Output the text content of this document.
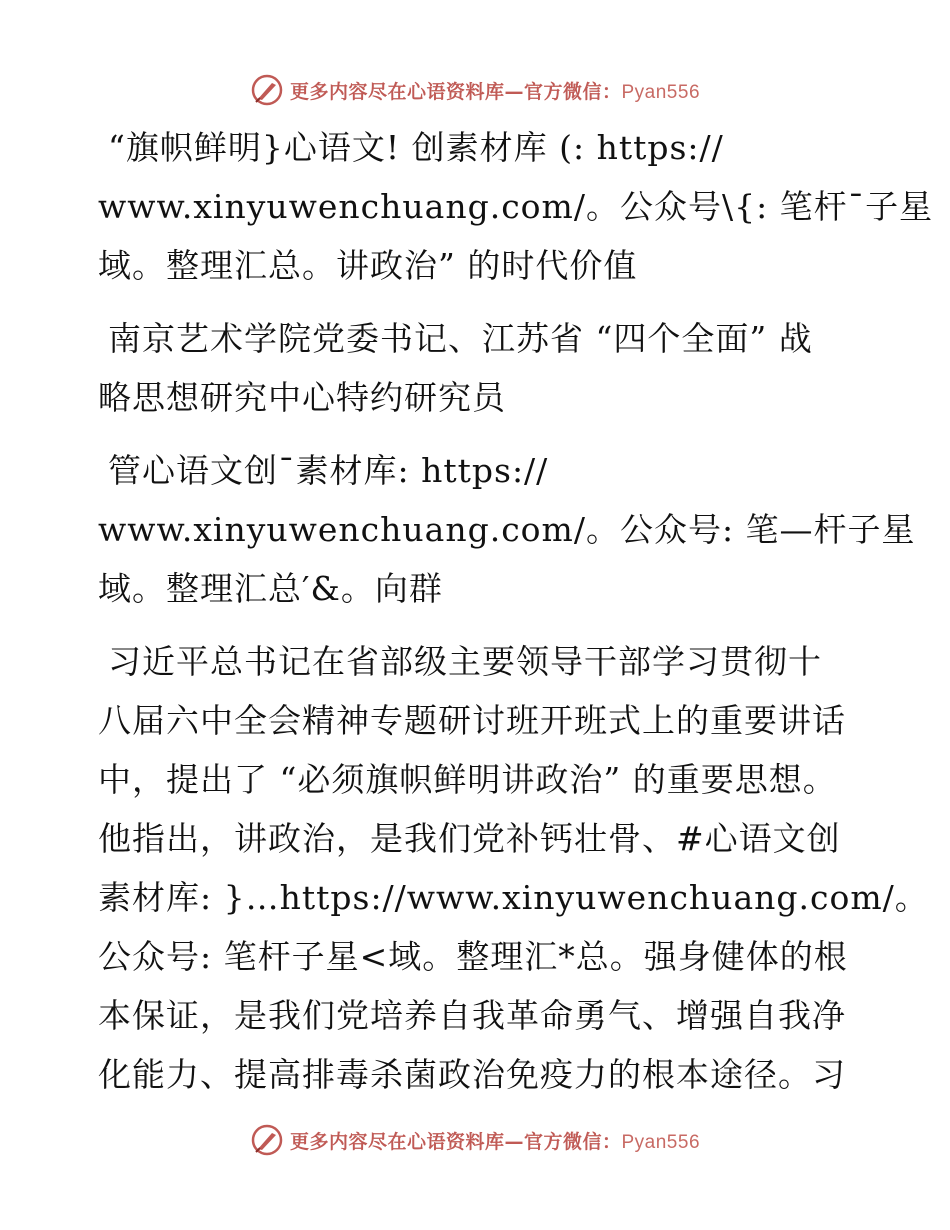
更多内容尽在心语资料库—官方微信：Pyan556
“旗帜鲜明}心语文! 创素材库 (: https://
www.xinyuwenchuang.com/。公众号\{: 笔杆¯子星
域。整理汇总。讲政治” 的时代价值
南京艺术学院党委书记、江苏省 “四个全面” 战
略思想研究中心特约研究员
管心语文创¯素材库: https://
www.xinyuwenchuang.com/。公众号: 笔—杆子星
域。整理汇总′&。向群
习近平总书记在省部级主要领导干部学习贯彻十
八届六中全会精神专题研讨班开班式上的重要讲话
中，提出了 “必须旗帜鲜明讲政治” 的重要思想。
他指出，讲政治，是我们党补钙壮骨、#心语文创
素材库: }…https://www.xinyuwenchuang.com/。
公众号: 笔杆子星<域。整理汇*总。强身健体的根
本保证，是我们党培养自我革命勇气、增强自我净
化能力、提高排毒杀菌政治免疫力的根本途径。习
更多内容尽在心语资料库—官方微信：Pyan556
